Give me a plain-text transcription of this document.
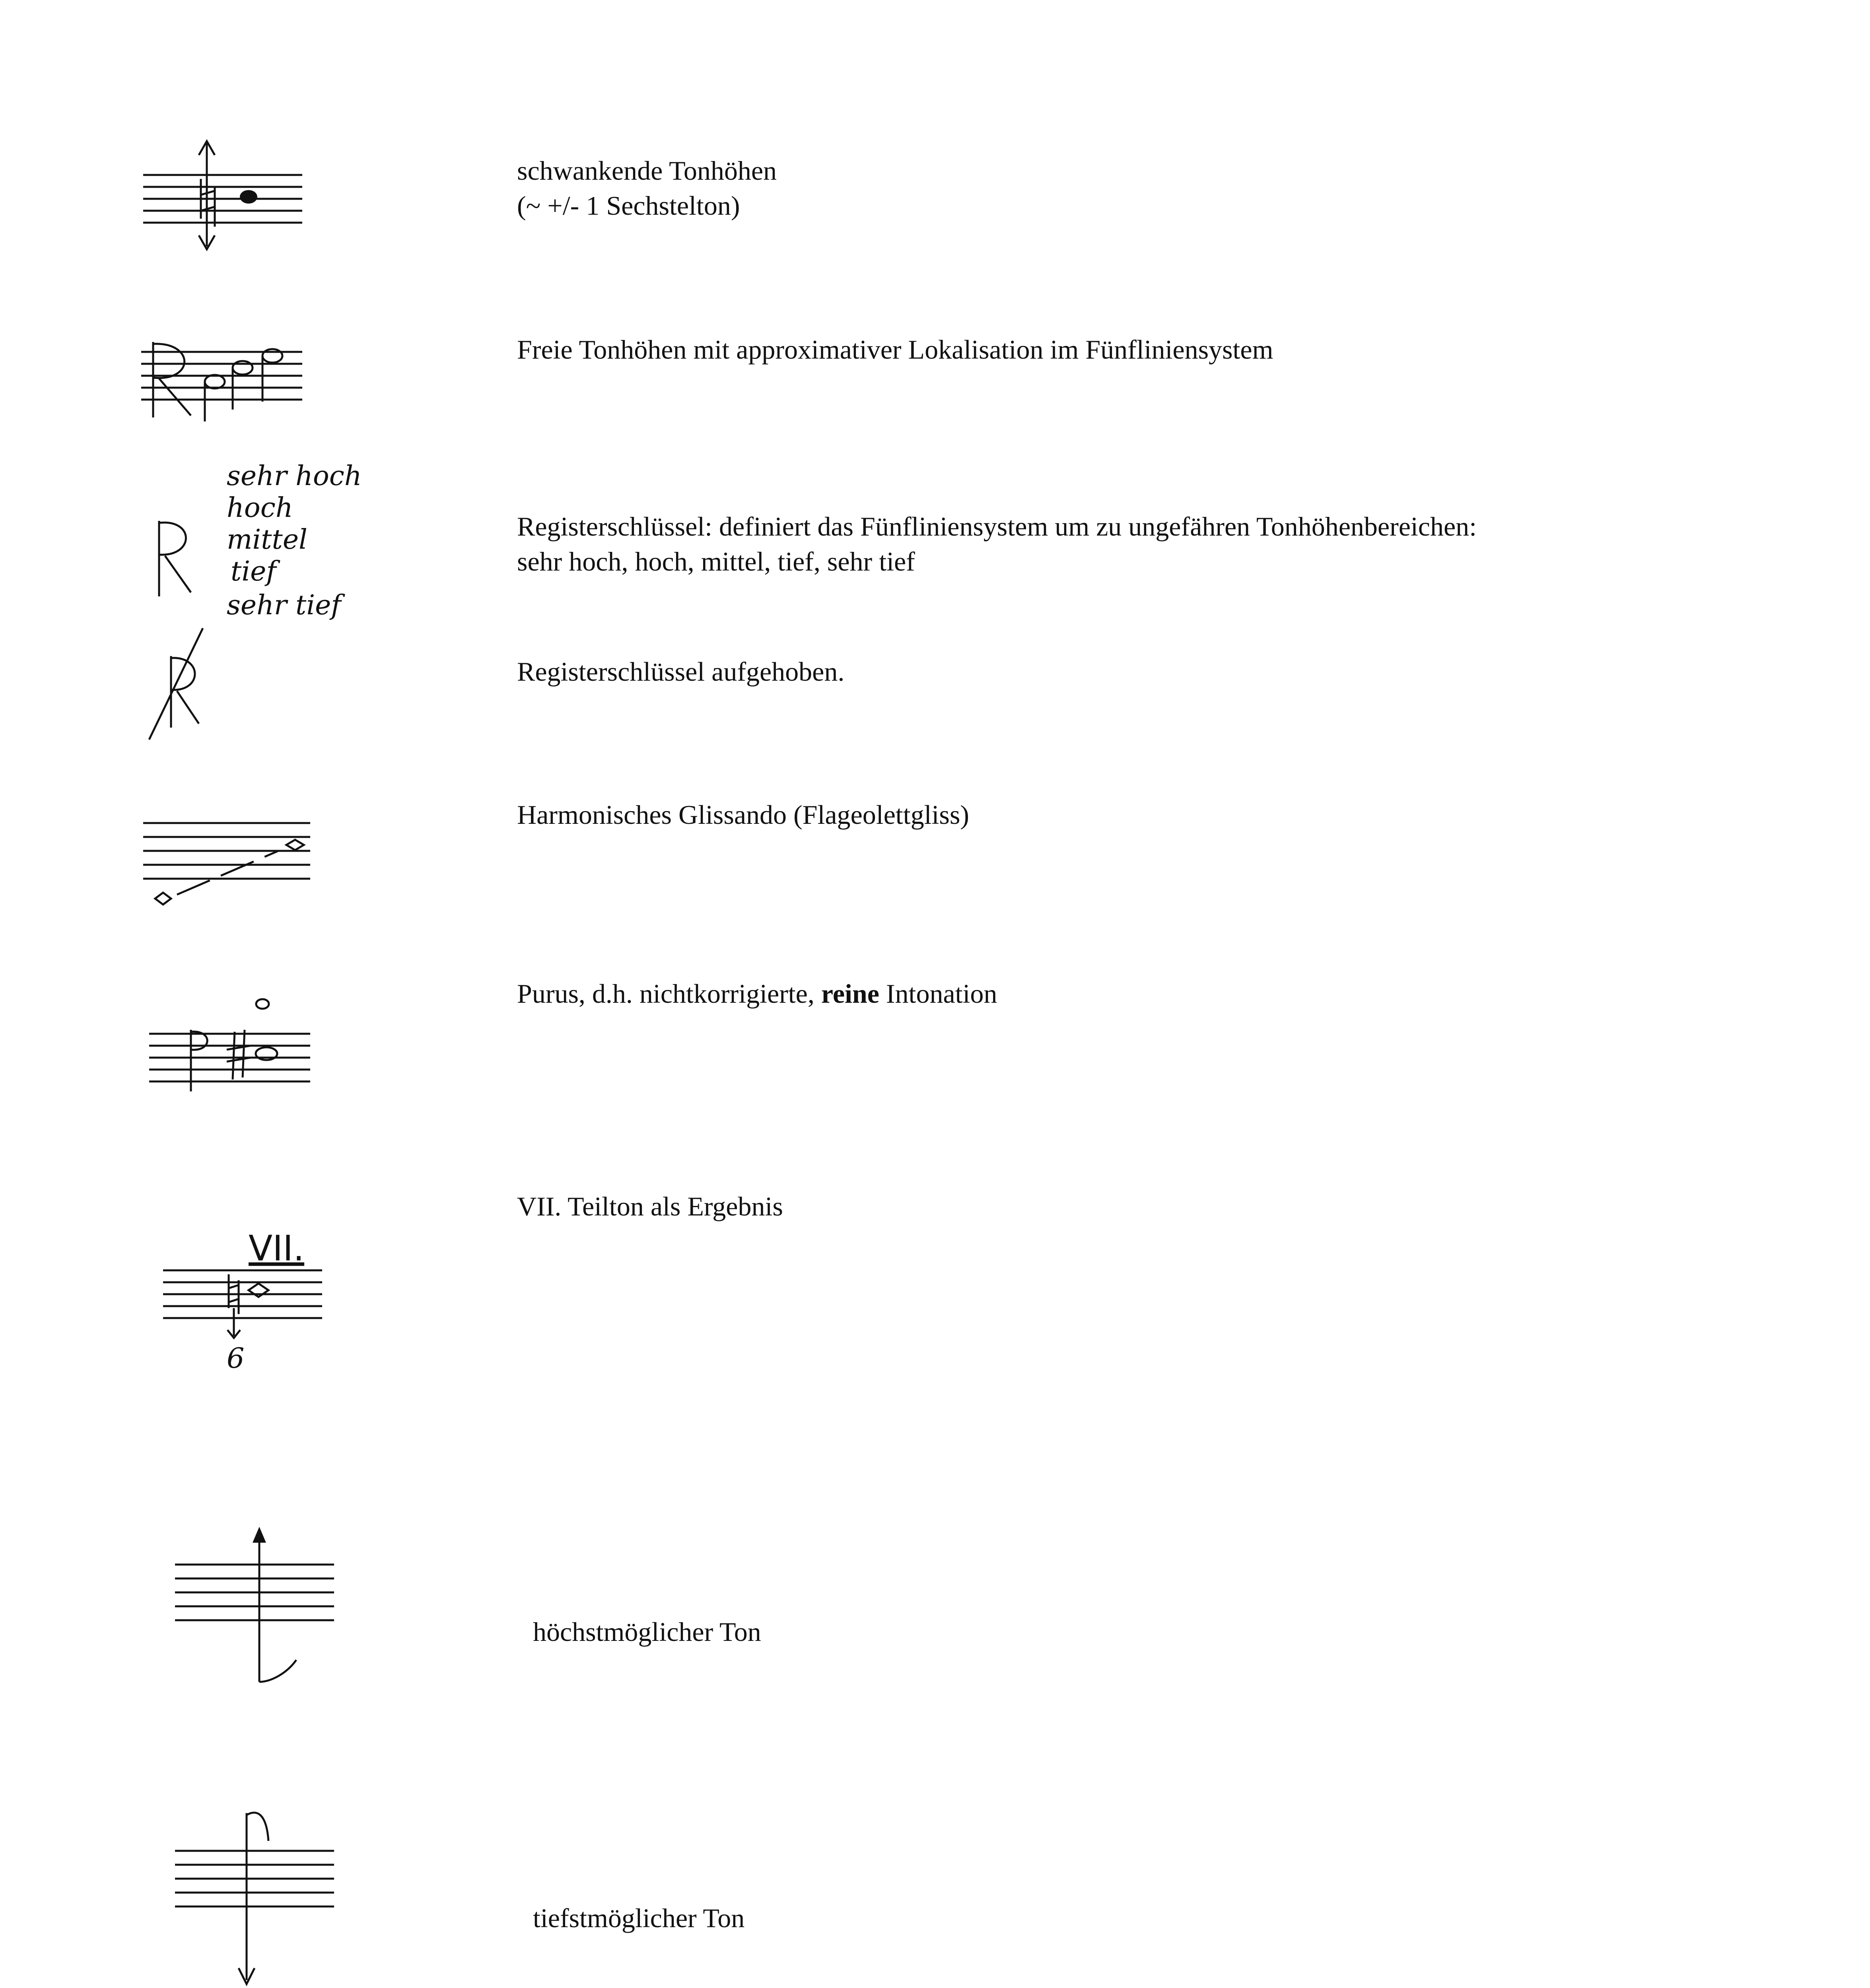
schwankende Tonhöhen
(~ +/- 1 Sechstelton)
Freie Tonhöhen mit approximativer Lokalisation im Fünfliniensystem
sehr hoch
hoch
mittel
tief
sehr tief
Registerschlüssel: definiert das Fünfliniensystem um zu ungefähren Tonhöhenbereichen:
sehr hoch, hoch, mittel, tief, sehr tief
Registerschlüssel aufgehoben.
Harmonisches Glissando (Flageolettgliss)
Purus, d.h. nichtkorrigierte, reine Intonation
VII.
6
VII. Teilton als Ergebnis
höchstmöglicher Ton
tiefstmöglicher Ton
